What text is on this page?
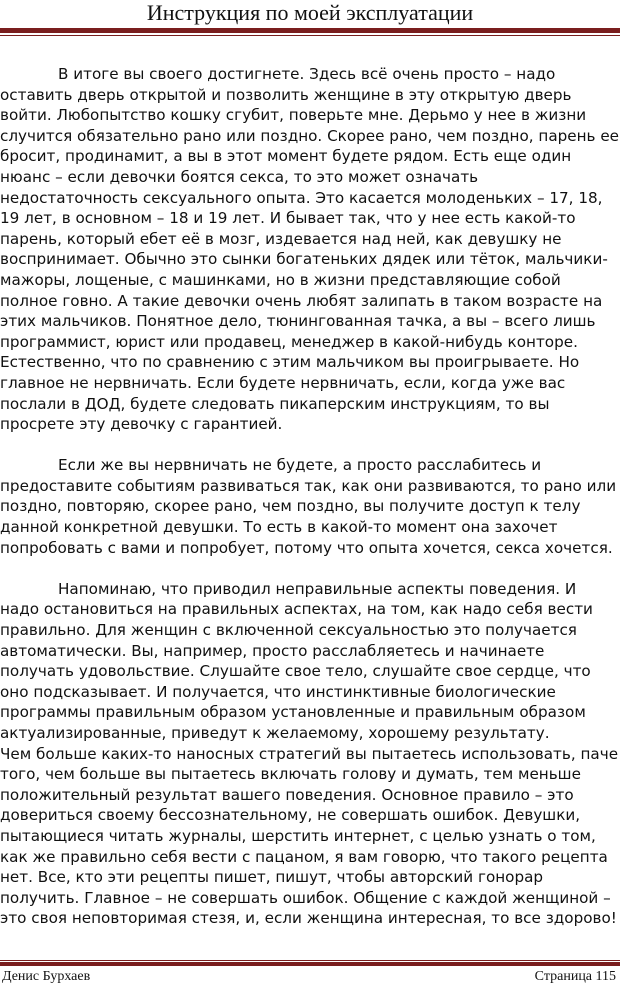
Инструкция по моей эксплуатации

В итоге вы своего достигнете. Здесь всё очень просто – надо оставить дверь открытой и позволить женщине в эту открытую дверь войти. Любопытство кошку сгубит, поверьте мне. Дерьмо у нее в жизни случится обязательно рано или поздно. Скорее рано, чем поздно, парень ее бросит, продинамит, а вы в этот момент будете рядом. Есть еще один нюанс – если девочки боятся секса, то это может означать недостаточность сексуального опыта. Это касается молоденьких – 17, 18, 19 лет, в основном – 18 и 19 лет. И бывает так, что у нее есть какой-то парень, который ебет её в мозг, издевается над ней, как девушку не воспринимает. Обычно это сынки богатеньких дядек или тёток, мальчики-мажоры, лощеные, с машинками, но в жизни представляющие собой полное говно. А такие девочки очень любят залипать в таком возрасте на этих мальчиков. Понятное дело, тюнингованная тачка, а вы – всего лишь программист, юрист или продавец, менеджер в какой-нибудь конторе. Естественно, что по сравнению с этим мальчиком вы проигрываете. Но главное не нервничать. Если будете нервничать, если, когда уже вас послали в ДОД, будете следовать пикаперским инструкциям, то вы просрете эту девочку с гарантией.

Если же вы нервничать не будете, а просто расслабитесь и предоставите событиям развиваться так, как они развиваются, то рано или поздно, повторяю, скорее рано, чем поздно, вы получите доступ к телу данной конкретной девушки. То есть в какой-то момент она захочет попробовать с вами и попробует, потому что опыта хочется, секса хочется.

Напоминаю, что приводил неправильные аспекты поведения. И надо остановиться на правильных аспектах, на том, как надо себя вести правильно. Для женщин с включенной сексуальностью это получается автоматически. Вы, например, просто расслабляетесь и начинаете получать удовольствие. Слушайте свое тело, слушайте свое сердце, что оно подсказывает. И получается, что инстинктивные биологические программы правильным образом установленные и правильным образом актуализированные, приведут к желаемому, хорошему результату.

Чем больше каких-то наносных стратегий вы пытаетесь использовать, паче того, чем больше вы пытаетесь включать голову и думать, тем меньше положительный результат вашего поведения. Основное правило – это довериться своему бессознательному, не совершать ошибок. Девушки, пытающиеся читать журналы, шерстить интернет, с целью узнать о том, как же правильно себя вести с пацаном, я вам говорю, что такого рецепта нет. Все, кто эти рецепты пишет, пишут, чтобы авторский гонорар получить. Главное – не совершать ошибок. Общение с каждой женщиной – это своя неповторимая стезя, и, если женщина интересная, то все здорово!

Денис Бурхаев	Страница 115
